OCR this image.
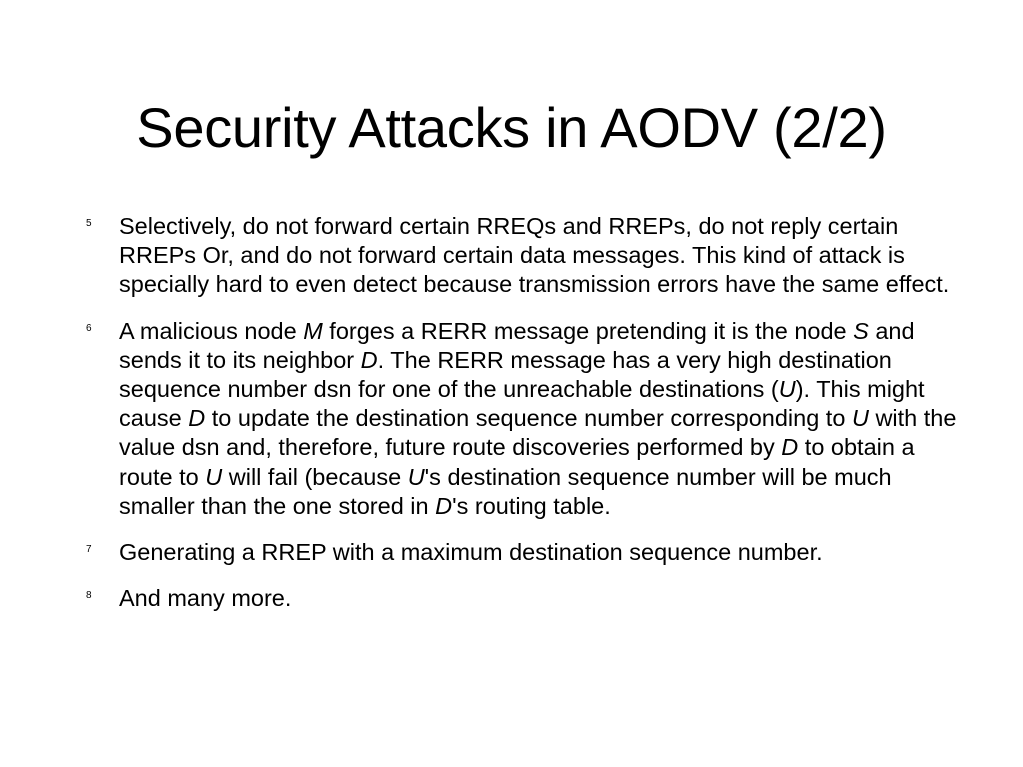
Security Attacks in AODV (2/2)
5 Selectively, do not forward certain RREQs and RREPs, do not reply certain RREPs Or, and do not forward certain data messages. This kind of attack is specially hard to even detect because transmission errors have the same effect.
6 A malicious node M forges a RERR message pretending it is the node S and sends it to its neighbor D. The RERR message has a very high destination sequence number dsn for one of the unreachable destinations (U). This might cause D to update the destination sequence number corresponding to U with the value dsn and, therefore, future route discoveries performed by D to obtain a route to U will fail (because U's destination sequence number will be much smaller than the one stored in D's routing table.
7 Generating a RREP with a maximum destination sequence number.
8 And many more.
